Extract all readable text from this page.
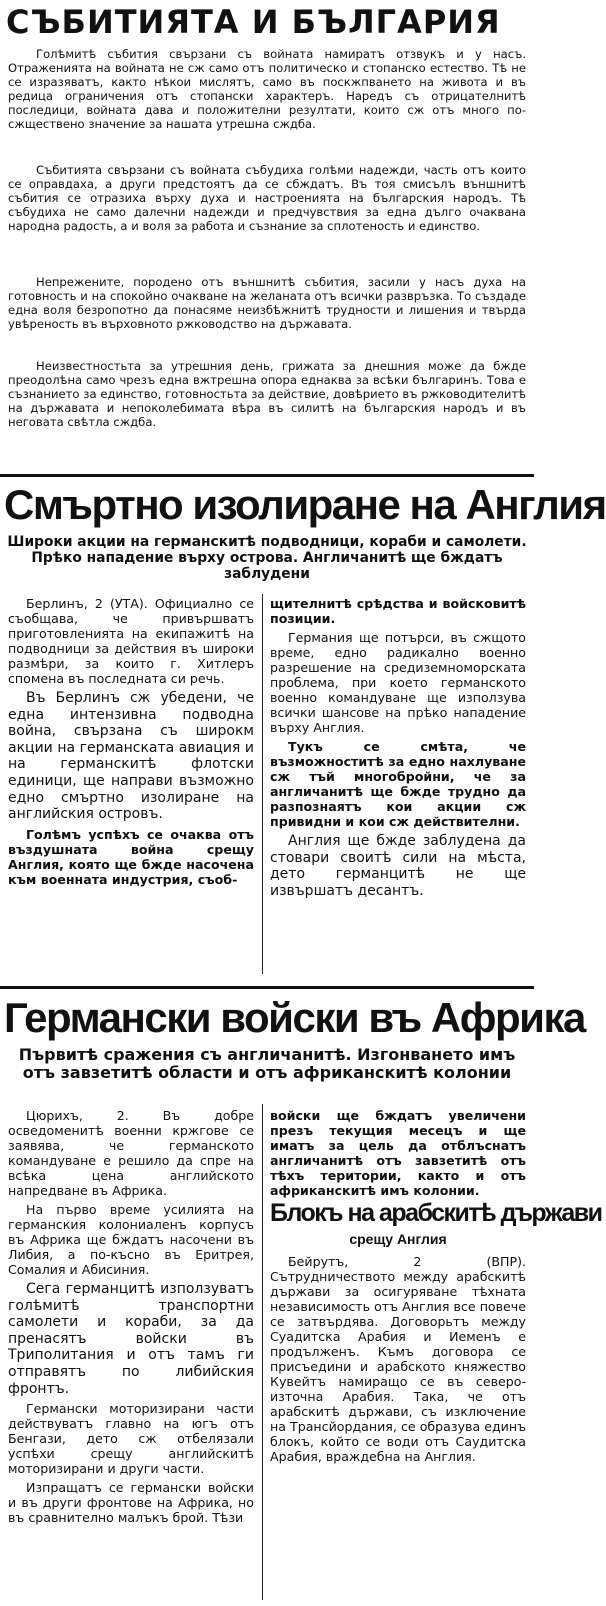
СЪБИТИЯТА И БЪЛГАРИЯ

Голѣмитѣ събития свързани съ войната намиратъ отзвукъ и у насъ. Отраженията на войната не сж само отъ политическо и стопанско естество. Тѣ не се изразяватъ, както нѣкои мислятъ, само въ поскжпването на живота и въ редица ограничения отъ стопански характеръ. Наредъ съ отрицателнитѣ последици, войната дава и положителни резултати, които сж отъ много по-сжществено значение за нашата утрешна сждба.

Събитията свързани съ войната събудиха голѣми надежди, часть отъ които се оправдаха, а други предстоятъ да се сбждатъ. Въ тоя смисълъ външнитѣ събития се отразиха върху духа и настроенията на българския народъ. Тѣ събудиха не само далечни надежди и предчувствия за една дълго очаквана народна радость, а и воля за работа и съзнание за сплотеность и единство.

Непрежените, породено отъ външнитѣ събития, засили у насъ духа на готовность и на спокойно очакване на желаната отъ всички развръзка. То създаде една воля безропотно да понасяме неизбѣжнитѣ трудности и лишения и твърда увѣреность въ върховното ржководство на държавата.

Неизвестностьта за утрешния день, грижата за днешния може да бжде преодолѣна само чрезъ една вжтрешна опора еднаква за всѣки българинъ. Това е съзнанието за единство, готовностьта за действие, довѣрието въ ржководителитѣ на държавата и непоколебимата вѣра въ силитѣ на българския народъ и въ неговата свѣтла сждба.

Смъртно изолиране на Англия

Широки акции на германскитѣ подводници, кораби и самолети. Прѣко нападение върху острова. Англичанитѣ ще бждатъ заблудени

Берлинъ, 2 (УТА). Официално се съобщава, че привършватъ приготовленията на екипажитѣ на подводници за действия въ широки размѣри, за които г. Хитлеръ спомена въ последната си речь.

Въ Берлинъ сж убедени, че една интензивна подводна война, свързана съ широкм акции на германската авиация и на германскитѣ флотски единици, ще направи възможно едно смъртно изолиране на английския островъ.

Голѣмъ успѣхъ се очаква отъ въздушната война срещу Англия, която ще бжде насочена към военната индустрия, съоб-

щителнитѣ срѣдства и войсковитѣ позиции.

Германия ще потърси, въ сжщото време, едно радикално военно разрешение на средиземноморската проблема, при което германското военно командуване ще използува всички шансове на прѣко нападение върху Англия.

Тукъ се смѣта, че възможноститѣ за едно нахлуване сж тъй многобройни, че за англичанитѣ ще бжде трудно да разпознаятъ кои акции сж привидни и кои сж действителни.

Англия ще бжде заблудена да стовари своитѣ сили на мѣста, дето германцитѣ не ще извършатъ десантъ.

Германски войски въ Африка

Първитѣ сражения съ англичанитѣ. Изгонването имъ отъ завзетитѣ области и отъ африканскитѣ колонии

Цюрихъ, 2. Въ добре осведоменитѣ военни кржгове се заявява, че германското командуване е решило да спре на всѣка цена английското напредване въ Африка.

На първо време усилията на германския колониаленъ корпусъ въ Африка ще бждатъ насочени въ Либия, а по-късно въ Еритрея, Сомалия и Абисиния.

Сега германцитѣ използуватъ голѣмитѣ транспортни самолети и кораби, за да пренасятъ войски въ Триполитания и отъ тамъ ги отправятъ по либийския фронтъ.

Германски моторизирани части действуватъ главно на югъ отъ Бенгази, дето сж отбелязали успѣхи срещу английскитѣ моторизирани и други части.

Изпращатъ се германски войски и въ други фронтове на Африка, но въ сравнително малъкъ брой. Тѣзи

войски ще бждатъ увеличени презъ текущия месецъ и ще иматъ за цель да отблъснатъ англичанитѣ отъ завзетитѣ отъ тѣхъ територии, както и отъ африканскитѣ имъ колонии.

Блокъ на арабскитѣ държави
срещу Англия

Бейрутъ, 2 (ВПР). Сътрудничеството между арабскитѣ държави за осигуряване тѣхната независимость отъ Англия все повече се затвърдява. Договорьтъ между Суадитска Арабия и Иеменъ е продълженъ. Къмъ договора се присъедини и арабското княжество Кувейтъ намиращо се въ северо-източна Арабия. Така, че отъ арабскитѣ държави, съ изключение на Трансйордания, се образува единъ блокъ, който се води отъ Саудитска Арабия, враждебна на Англия.
